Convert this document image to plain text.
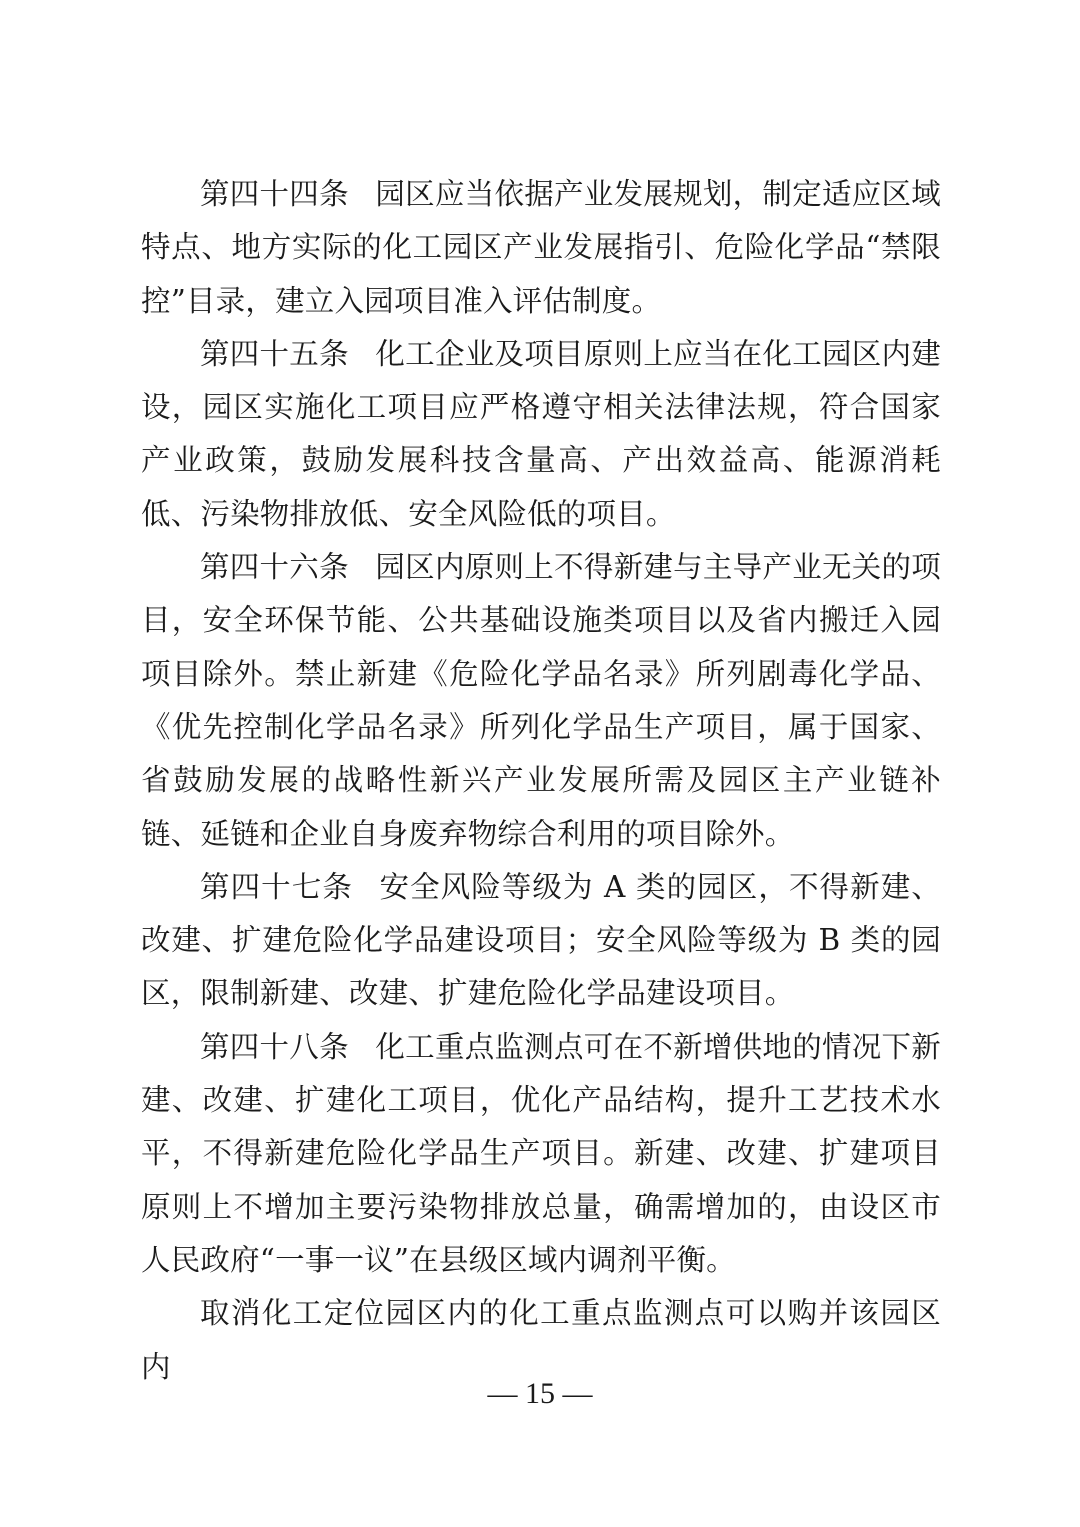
第四十四条 园区应当依据产业发展规划，制定适应区域特点、地方实际的化工园区产业发展指引、危险化学品“禁限控”目录，建立入园项目准入评估制度。

第四十五条 化工企业及项目原则上应当在化工园区内建设，园区实施化工项目应严格遵守相关法律法规，符合国家产业政策，鼓励发展科技含量高、产出效益高、能源消耗低、污染物排放低、安全风险低的项目。

第四十六条 园区内原则上不得新建与主导产业无关的项目，安全环保节能、公共基础设施类项目以及省内搬迁入园项目除外。禁止新建《危险化学品名录》所列剧毒化学品、《优先控制化学品名录》所列化学品生产项目，属于国家、省鼓励发展的战略性新兴产业发展所需及园区主产业链补链、延链和企业自身废弃物综合利用的项目除外。

第四十七条 安全风险等级为 A 类的园区，不得新建、改建、扩建危险化学品建设项目；安全风险等级为 B 类的园区，限制新建、改建、扩建危险化学品建设项目。

第四十八条 化工重点监测点可在不新增供地的情况下新建、改建、扩建化工项目，优化产品结构，提升工艺技术水平，不得新建危险化学品生产项目。新建、改建、扩建项目原则上不增加主要污染物排放总量，确需增加的，由设区市人民政府“一事一议”在县级区域内调剂平衡。

取消化工定位园区内的化工重点监测点可以购并该园区内

— 15 —
